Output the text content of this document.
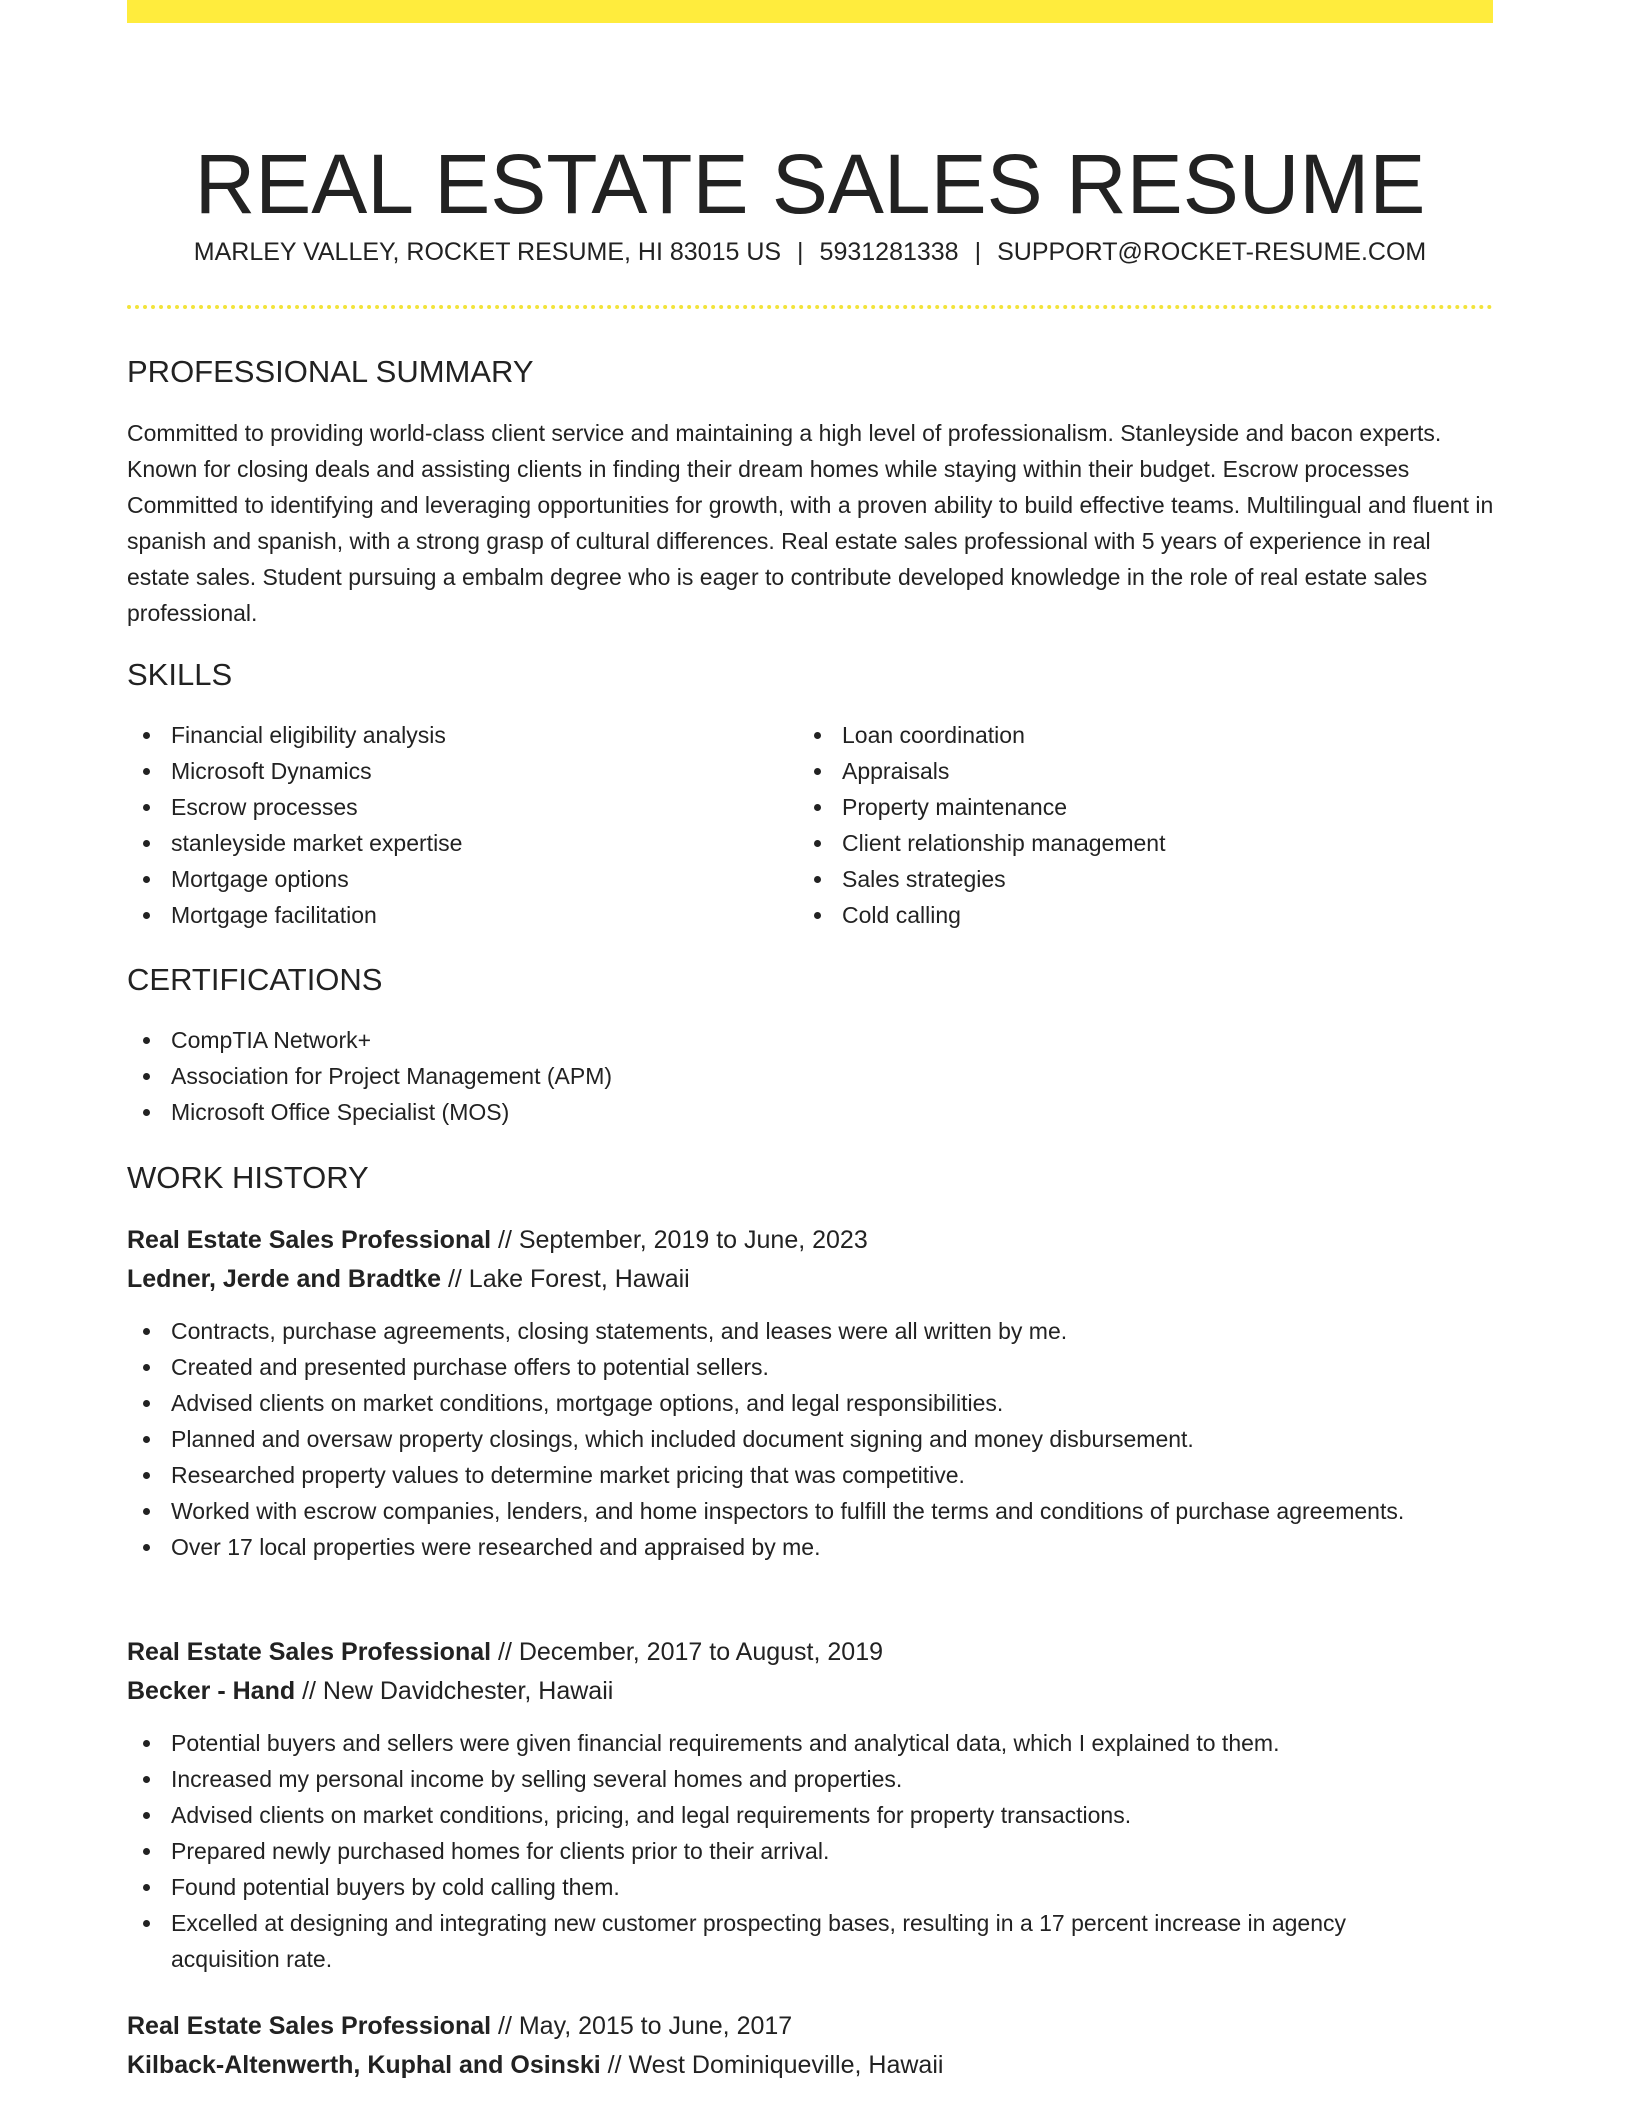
REAL ESTATE SALES RESUME
MARLEY VALLEY, ROCKET RESUME, HI 83015 US | 5931281338 | SUPPORT@ROCKET-RESUME.COM
PROFESSIONAL SUMMARY

Committed to providing world-class client service and maintaining a high level of professionalism. Stanleyside and bacon experts. Known for closing deals and assisting clients in finding their dream homes while staying within their budget. Escrow processes Committed to identifying and leveraging opportunities for growth, with a proven ability to build effective teams. Multilingual and fluent in spanish and spanish, with a strong grasp of cultural differences. Real estate sales professional with 5 years of experience in real estate sales. Student pursuing a embalm degree who is eager to contribute developed knowledge in the role of real estate sales professional.

SKILLS
Financial eligibility analysis
Microsoft Dynamics
Escrow processes
stanleyside market expertise
Mortgage options
Mortgage facilitation
Loan coordination
Appraisals
Property maintenance
Client relationship management
Sales strategies
Cold calling
CERTIFICATIONS
CompTIA Network+
Association for Project Management (APM)
Microsoft Office Specialist (MOS)
WORK HISTORY
Real Estate Sales Professional // September, 2019 to June, 2023
Ledner, Jerde and Bradtke // Lake Forest, Hawaii
Contracts, purchase agreements, closing statements, and leases were all written by me.
Created and presented purchase offers to potential sellers.
Advised clients on market conditions, mortgage options, and legal responsibilities.
Planned and oversaw property closings, which included document signing and money disbursement.
Researched property values to determine market pricing that was competitive.
Worked with escrow companies, lenders, and home inspectors to fulfill the terms and conditions of purchase agreements.
Over 17 local properties were researched and appraised by me.
Real Estate Sales Professional // December, 2017 to August, 2019
Becker - Hand // New Davidchester, Hawaii
Potential buyers and sellers were given financial requirements and analytical data, which I explained to them.
Increased my personal income by selling several homes and properties.
Advised clients on market conditions, pricing, and legal requirements for property transactions.
Prepared newly purchased homes for clients prior to their arrival.
Found potential buyers by cold calling them.
Excelled at designing and integrating new customer prospecting bases, resulting in a 17 percent increase in agency acquisition rate.
Real Estate Sales Professional // May, 2015 to June, 2017
Kilback-Altenwerth, Kuphal and Osinski // West Dominiqueville, Hawaii
